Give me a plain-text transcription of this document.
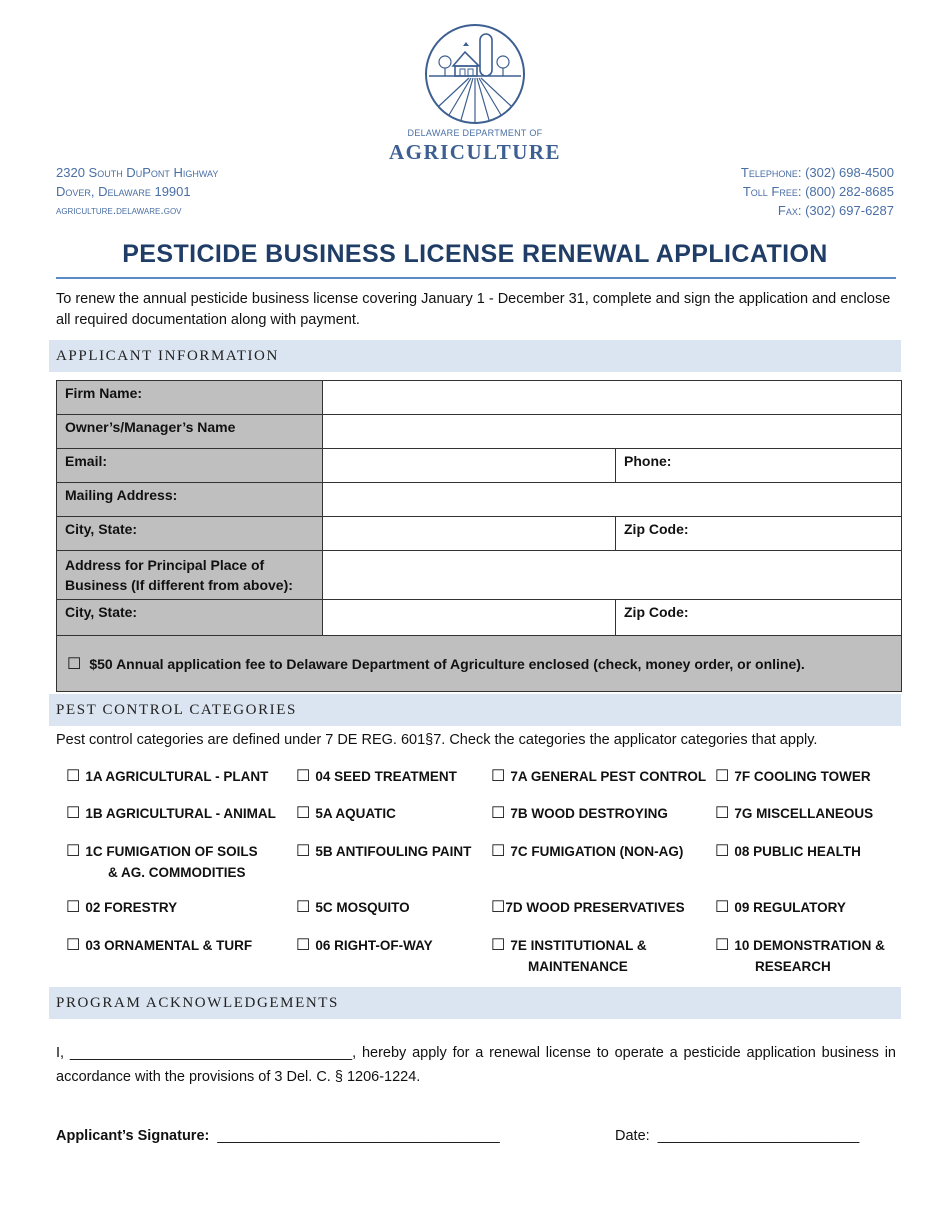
DELAWARE DEPARTMENT OF
AGRICULTURE
2320 South DuPont Highway
Dover, Delaware 19901
agriculture.delaware.gov
Telephone: (302) 698-4500
Toll Free: (800) 282-8685
Fax: (302) 697-6287
PESTICIDE BUSINESS LICENSE RENEWAL APPLICATION
To renew the annual pesticide business license covering January 1 - December 31, complete and sign the application and enclose all required documentation along with payment.
APPLICANT INFORMATION
Firm Name:		
Owner’s/Manager’s Name		
Email:		Phone:
Mailing Address:		
City, State:		Zip Code:

Address for Principal Place of
Business (If different from above):		

City, State:		Zip Code:
☐ $50 Annual application fee to Delaware Department of Agriculture enclosed (check, money order, or online).		
PEST CONTROL CATEGORIES
Pest control categories are defined under 7 DE REG. 601§7. Check the categories the applicator categories that apply.
☐ 1A AGRICULTURAL - PLANT
☐ 1B AGRICULTURAL - ANIMAL
☐ 1C FUMIGATION OF SOILS
& AG. COMMODITIES
☐ 02 FORESTRY
☐ 03 ORNAMENTAL & TURF
☐ 04 SEED TREATMENT
☐ 5A AQUATIC
☐ 5B ANTIFOULING PAINT
☐ 5C MOSQUITO
☐ 06 RIGHT-OF-WAY
☐ 7A GENERAL PEST CONTROL
☐ 7B WOOD DESTROYING
☐ 7C FUMIGATION (NON-AG)
☐7D WOOD PRESERVATIVES
☐ 7E INSTITUTIONAL &
MAINTENANCE
☐ 7F COOLING TOWER
☐ 7G MISCELLANEOUS
☐ 08 PUBLIC HEALTH
☐ 09 REGULATORY
☐ 10 DEMONSTRATION &
RESEARCH
PROGRAM ACKNOWLEDGEMENTS
I, ___________________________________, hereby apply for a renewal license to operate a pesticide application business in accordance with the provisions of 3 Del. C. § 1206-1224.
Applicant’s Signature: ___________________________________	Date: _________________________
